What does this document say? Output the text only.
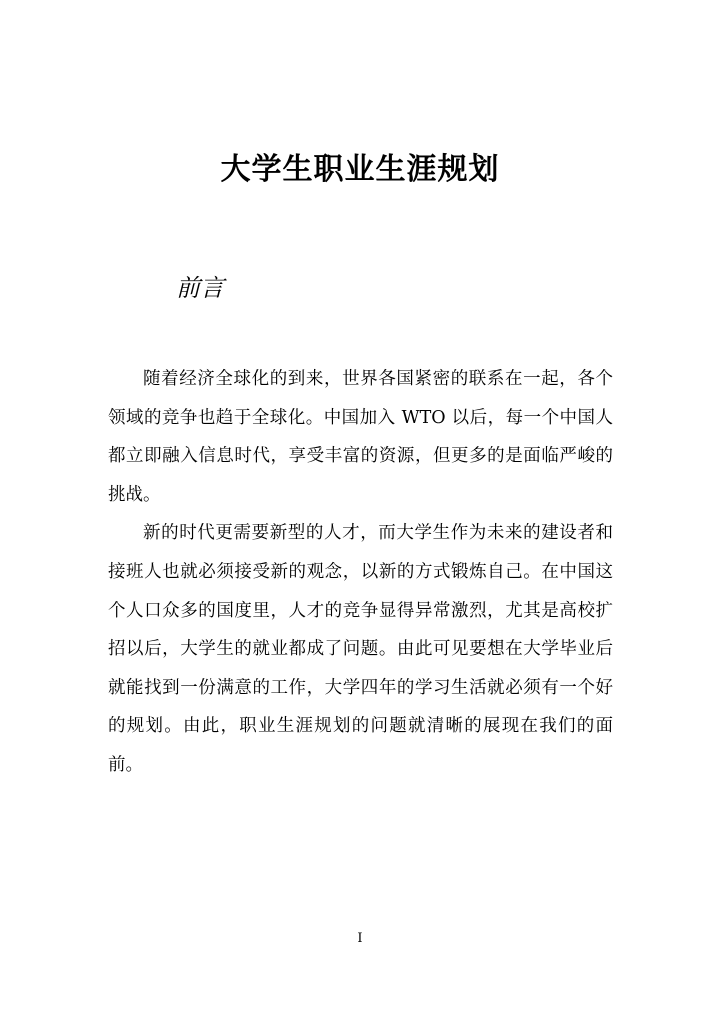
大学生职业生涯规划
前言

随着经济全球化的到来，世界各国紧密的联系在一起，各个领域的竞争也趋于全球化。中国加入 WTO 以后，每一个中国人都立即融入信息时代，享受丰富的资源，但更多的是面临严峻的挑战。

新的时代更需要新型的人才，而大学生作为未来的建设者和接班人也就必须接受新的观念，以新的方式锻炼自己。在中国这个人口众多的国度里，人才的竞争显得异常激烈，尤其是高校扩招以后，大学生的就业都成了问题。由此可见要想在大学毕业后就能找到一份满意的工作，大学四年的学习生活就必须有一个好的规划。由此，职业生涯规划的问题就清晰的展现在我们的面前。

I
